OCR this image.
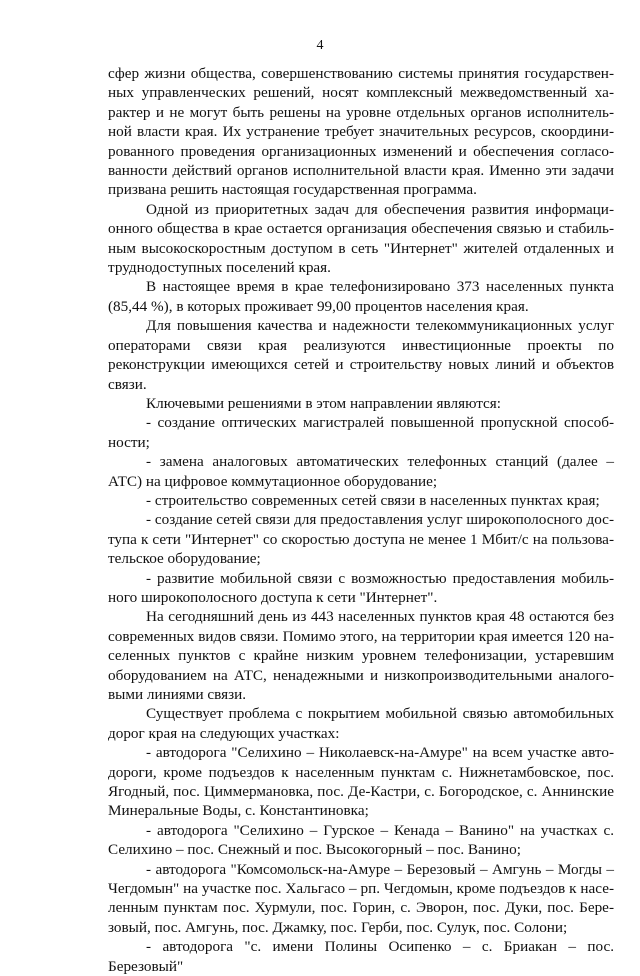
4

сфер жизни общества, совершенствованию системы принятия государственных управленческих решений, носят комплексный межведомственный характер и не могут быть решены на уровне отдельных органов исполнительной власти края. Их устранение требует значительных ресурсов, скоординированного проведения организационных изменений и обеспечения согласованности действий органов исполнительной власти края. Именно эти задачи призвана решить настоящая государственная программа.

Одной из приоритетных задач для обеспечения развития информационного общества в крае остается организация обеспечения связью и стабильным высокоскоростным доступом в сеть "Интернет" жителей отдаленных и труднодоступных поселений края.

В настоящее время в крае телефонизировано 373 населенных пункта (85,44 %), в которых проживает 99,00 процентов населения края.

Для повышения качества и надежности телекоммуникационных услуг операторами связи края реализуются инвестиционные проекты по реконструкции имеющихся сетей и строительству новых линий и объектов связи.

Ключевыми решениями в этом направлении являются:

- создание оптических магистралей повышенной пропускной способности;

- замена аналоговых автоматических телефонных станций (далее – АТС) на цифровое коммутационное оборудование;

- строительство современных сетей связи в населенных пунктах края;

- создание сетей связи для предоставления услуг широкополосного доступа к сети "Интернет" со скоростью доступа не менее 1 Мбит/с на пользовательское оборудование;

- развитие мобильной связи с возможностью предоставления мобильного широкополосного доступа к сети "Интернет".

На сегодняшний день из 443 населенных пунктов края 48 остаются без современных видов связи. Помимо этого, на территории края имеется 120 населенных пунктов с крайне низким уровнем телефонизации, устаревшим оборудованием на АТС, ненадежными и низкопроизводительными аналоговыми линиями связи.

Существует проблема с покрытием мобильной связью автомобильных дорог края на следующих участках:

- автодорога "Селихино – Николаевск-на-Амуре" на всем участке автодороги, кроме подъездов к населенным пунктам с. Нижнетамбовское, пос. Ягодный, пос. Циммермановка, пос. Де-Кастри, с. Богородское, с. Аннинские Минеральные Воды, с. Константиновка;

- автодорога "Селихино – Гурское – Кенада – Ванино" на участках с. Селихино – пос. Снежный и пос. Высокогорный – пос. Ванино;

- автодорога "Комсомольск-на-Амуре – Березовый – Амгунь – Могды – Чегдомын" на участке пос. Хальгасо – рп. Чегдомын, кроме подъездов к населенным пунктам пос. Хурмули, пос. Горин, с. Эворон, пос. Дуки, пос. Березовый, пос. Амгунь, пос. Джамку, пос. Герби, пос. Сулук, пос. Солони;

- автодорога "с. имени Полины Осипенко – с. Бриакан – пос. Березовый"
